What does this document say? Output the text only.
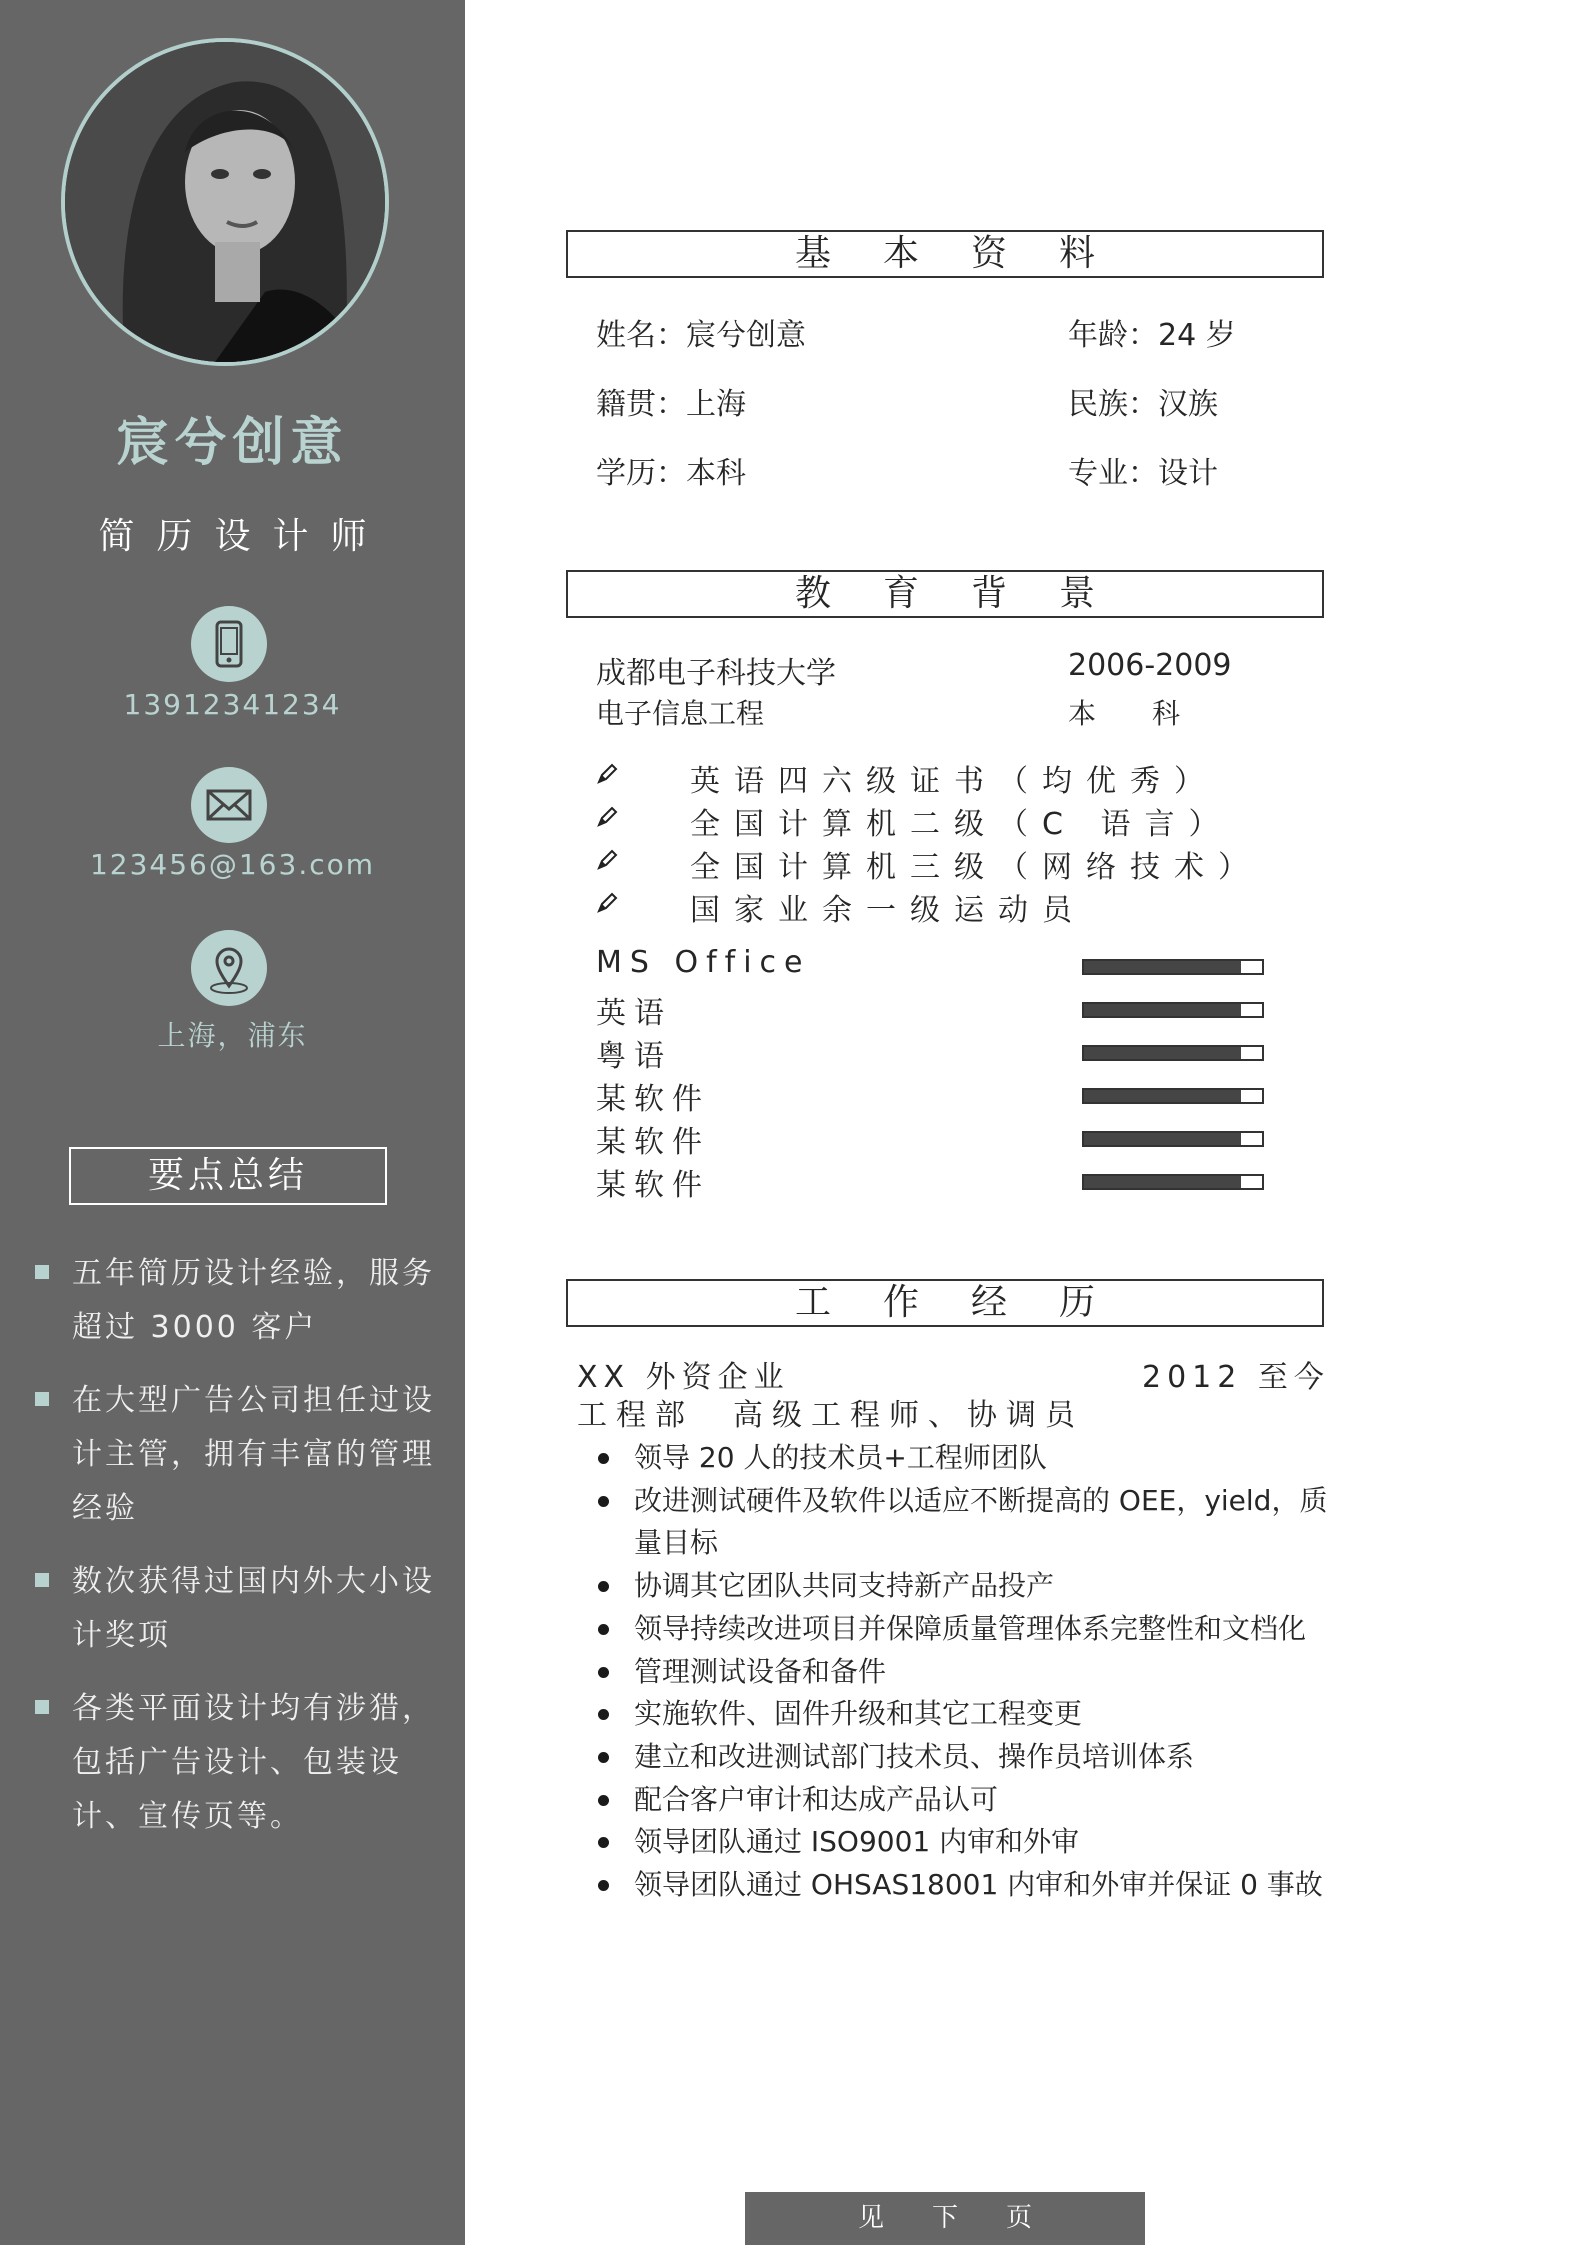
宸兮创意
简历设计师
13912341234
123456@163.com
上海，浦东
要点总结
五年简历设计经验，服务超过 3000 客户
在大型广告公司担任过设计主管，拥有丰富的管理经验
数次获得过国内外大小设计奖项
各类平面设计均有涉猎，包括广告设计、包装设计、宣传页等。
基本资料
姓名：宸兮创意	年龄：24 岁
籍贯：上海	民族：汉族
学历：本科	专业：设计
教育背景
成都电子科技大学	2006-2009
电子信息工程	本　　科
英语四六级证书（均优秀）
全国计算机二级（C 语言）
全国计算机三级（网络技术）
国家业余一级运动员
MS Office
英语
粤语
某软件
某软件
某软件
工作经历
XX 外资企业	2012 至今
工程部　高级工程师、协调员
领导 20 人的技术员+工程师团队
改进测试硬件及软件以适应不断提高的 OEE，yield，质量目标
协调其它团队共同支持新产品投产
领导持续改进项目并保障质量管理体系完整性和文档化
管理测试设备和备件
实施软件、固件升级和其它工程变更
建立和改进测试部门技术员、操作员培训体系
配合客户审计和达成产品认可
领导团队通过 ISO9001 内审和外审
领导团队通过 OHSAS18001 内审和外审并保证 0 事故
见下页
